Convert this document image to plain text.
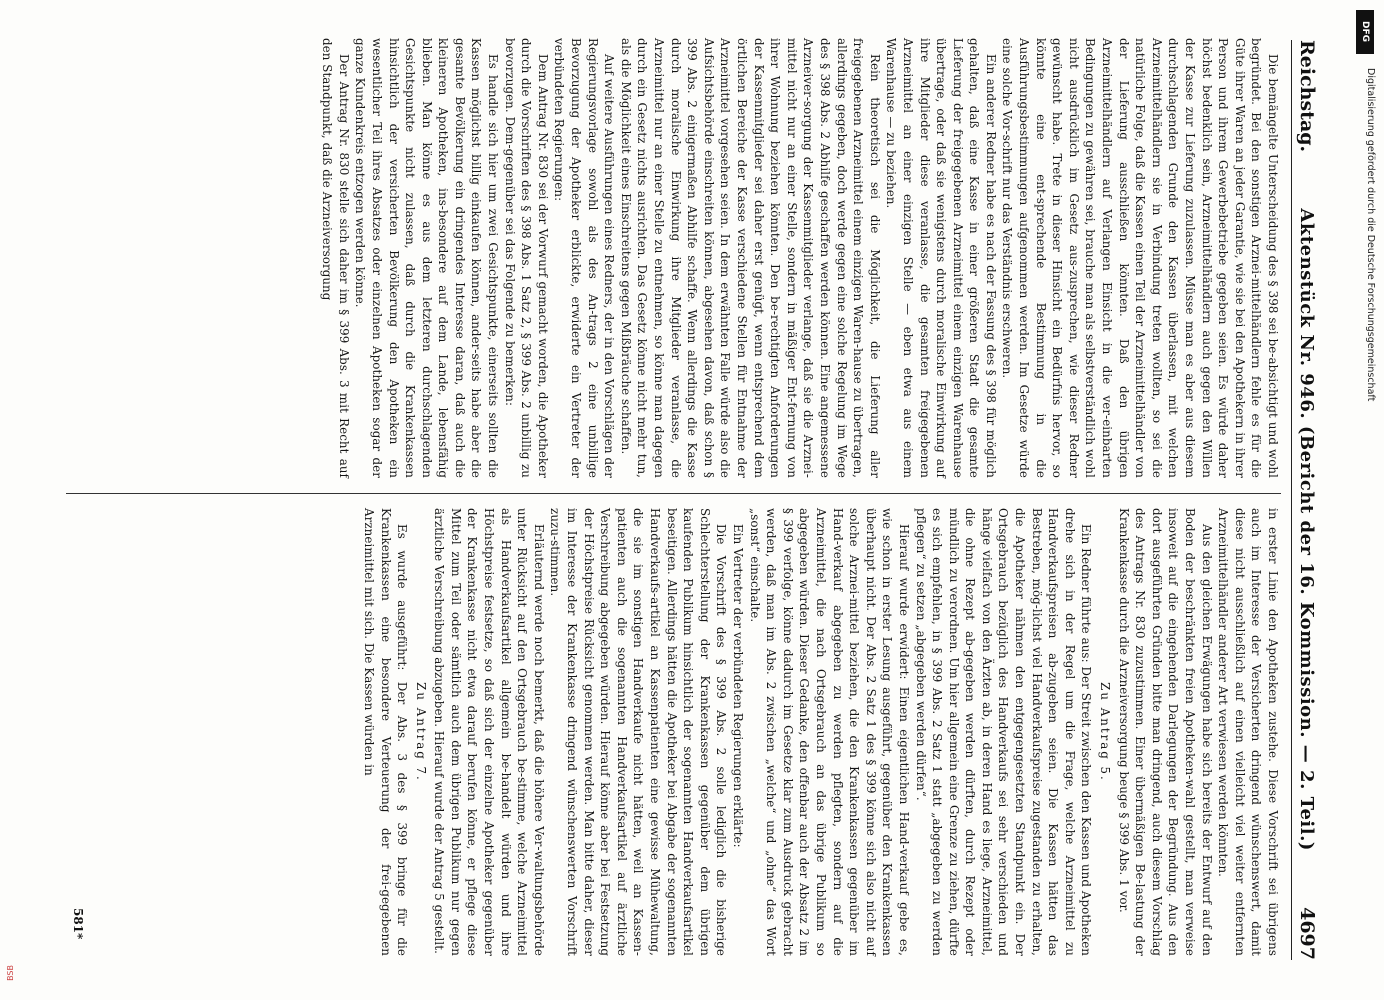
Reichstag.
Aktenstück Nr. 946. (Bericht der 16. Kommission. — 2. Teil.)
4697

Die bemängelte Unterscheidung des § 398 sei be-absichtigt und wohl begründet. Bei den sonstigen Arznei-mittelhändlern fehle es für die Güte ihrer Waren an jeder Garantie, wie sie bei den Apothekern in ihrer Person und ihrem Gewerbebetriebe gegeben seien. Es würde daher höchst bedenklich sein, Arzneimittelhändlern auch gegen den Willen der Kasse zur Lieferung zuzulassen. Müsse man es aber aus diesem durchschlagenden Grunde den Kassen überlassen, mit welchen Arzneimittelhändlern sie in Verbindung treten wollten, so sei die natürliche Folge, daß die Kassen einen Teil der Arzneimittelhändler von der Lieferung ausschließen könnten. Daß den übrigen Arzneimittelhändlern auf Verlangen Einsicht in die ver-einbarten Bedingungen zu gewähren sei, brauche man als selbstverständlich wohl nicht ausdrücklich im Gesetz aus-zusprechen, wie dieser Redner gewünscht habe. Trete in dieser Hinsicht ein Bedürfnis hervor, so könnte eine ent-sprechende Bestimmung in die Ausführungsbestimmungen aufgenommen werden. Im Gesetze würde eine solche Vor-schrift nur das Verständnis erschweren.

Ein anderer Redner habe es nach der Fassung des § 398 für möglich gehalten, daß eine Kasse in einer größeren Stadt die gesamte Lieferung der freigegebenen Arzneimittel einem einzigen Warenhause übertrage, oder daß sie wenigstens durch moralische Einwirkung auf ihre Mitglieder diese veranlasse, die gesamten freigegebenen Arzneimittel an einer einzigen Stelle — eben etwa aus einem Warenhause — zu beziehen.

Rein theoretisch sei die Möglichkeit, die Lieferung aller freigegebenen Arzneimittel einem einzigen Waren-hause zu übertragen, allerdings gegeben, doch werde gegen eine solche Regelung im Wege des § 398 Abs. 2 Abhilfe geschaffen werden können. Eine angemessene Arzneiver-sorgung der Kassenmitglieder verlange, daß sie die Arznei-mittel nicht nur an einer Stelle, sondern in mäßiger Ent-fernung von ihrer Wohnung beziehen könnten. Den be-rechtigten Anforderungen der Kassenmitglieder sei daher erst genügt, wenn entsprechend dem örtlichen Bereiche der Kasse verschiedene Stellen für Entnahme der Arzneimittel vorgesehen seien. In dem erwähnten Falle würde also die Aufsichtsbehörde einschreiten können, abgesehen davon, daß schon § 399 Abs. 2 einigermaßen Abhilfe schaffe. Wenn allerdings die Kasse durch moralische Einwirkung ihre Mitglieder veranlasse, die Arzneimittel nur an einer Stelle zu entnehmen, so könne man dagegen durch ein Gesetz nichts ausrichten. Das Gesetz könne nicht mehr tun, als die Möglichkeit eines Einschreitens gegen Mißbräuche schaffen.

Auf weitere Ausführungen eines Redners, der in den Vorschlägen der Regierungsvorlage sowohl als des An-trags 2 eine unbillige Bevorzugung der Apotheker erblickte, erwiderte ein Vertreter der verbündeten Regierungen:

Dem Antrag Nr. 830 sei der Vorwurf gemacht worden, die Apotheker durch die Vorschriften des § 398 Abs. 1 Satz 2, § 399 Abs. 2 unbillig zu bevorzugen. Dem-gegenüber sei das Folgende zu bemerken:

Es handle sich hier um zwei Gesichtspunkte, einerseits sollten die Kassen möglichst billig einkaufen können, ander-seits habe aber die gesamte Bevölkerung ein dringendes Interesse daran, daß auch die kleineren Apotheken, ins-besondere auf dem Lande, lebensfähig blieben. Man könne es aus dem letzteren durchschlagenden Gesichtspunkte nicht zulassen, daß durch die Krankenkassen hinsichtlich der versicherten Bevölkerung den Apotheken ein wesentlicher Teil ihres Absatzes oder einzelnen Apotheken sogar der ganze Kundenkreis entzogen werden könne.

Der Antrag Nr. 830 stelle sich daher im § 399 Abs. 3 mit Recht auf den Standpunkt, daß die Arzneiversorgung

in erster Linie den Apotheken zustehe. Diese Vorschrift sei übrigens auch im Interesse der Versicherten dringend wünschenswert, damit diese nicht ausschließlich auf einen vielleicht viel weiter entfernten Arzneimittelhändler anderer Art verwiesen werden könnten.

Aus den gleichen Erwägungen habe sich bereits der Entwurf auf den Boden der beschränkten freien Apotheken-wahl gestellt, man verweise insoweit auf die eingehenden Darlegungen der Begründung. Aus den dort ausgeführten Gründen bitte man dringend, auch diesem Vorschlag des Antrags Nr. 830 zuzustimmen. Einer übermäßigen Be-lastung der Krankenkasse durch die Arzneiversorgung beuge § 399 Abs. 1 vor.

Zu Antrag 5.

Ein Redner führte aus: Der Streit zwischen den Kassen und Apotheken drehe sich in der Regel um die Frage, welche Arzneimittel zu Handverkaufspreisen ab-zugeben seien. Die Kassen hätten das Bestreben, mög-lichst viel Handverkaufspreise zugestanden zu erhalten, die Apotheker nähmen den entgegengesetzten Standpunkt ein. Der Ortsgebrauch bezüglich des Handverkaufs sei sehr verschieden und hänge vielfach von den Ärzten ab, in deren Hand es liege, Arzneimittel, die ohne Rezept ab-gegeben werden dürften, durch Rezept oder mündlich zu verordnen. Um hier allgemein eine Grenze zu ziehen, dürfte es sich empfehlen, in § 399 Abs. 2 Satz 1 statt „abgegeben zu werden pflegen“ zu setzen „abgegeben werden dürfen“.

Hierauf wurde erwidert: Einen eigentlichen Hand-verkauf gebe es, wie schon in erster Lesung ausgeführt, gegenüber den Krankenkassen überhaupt nicht. Der Abs. 2 Satz 1 des § 399 könne sich also nicht auf solche Arznei-mittel beziehen, die den Krankenkassen gegenüber im Hand-verkauf abgegeben zu werden pflegten, sondern auf die Arzneimittel, die nach Ortsgebrauch an das übrige Publikum so abgegeben würden. Dieser Gedanke, den offenbar auch der Absatz 2 im § 399 verfolge, könne dadurch im Gesetze klar zum Ausdruck gebracht werden, daß man im Abs. 2 zwischen „welche“ und „ohne“ das Wort „sonst“ einschalte.

Ein Vertreter der verbündeten Regierungen erklärte:

Die Vorschrift des § 399 Abs. 2 solle lediglich die bisherige Schlechterstellung der Krankenkassen gegenüber dem übrigen kaufenden Publikum hinsichtlich der sogenannten Handverkaufsartikel beseitigen. Allerdings hätten die Apotheker bei Abgabe der sogenannten Handverkaufs-artikel an Kassenpatienten eine gewisse Mühewaltung, die sie im sonstigen Handverkaufe nicht hätten, weil an Kassen-patienten auch die sogenannten Handverkaufsartikel auf ärztliche Verschreibung abgegeben würden. Hierauf könne aber bei Festsetzung der Höchstpreise Rücksicht genommen werden. Man bitte daher, dieser im Interesse der Krankenkasse dringend wünschenswerten Vorschrift zuzu-stimmen.

Erläuternd werde noch bemerkt, daß die höhere Ver-waltungsbehörde unter Rücksicht auf den Ortsgebrauch be-stimme, welche Arzneimittel als Handverkaufsartikel allgemein be-handelt würden und ihre Höchstpreise festsetze, so daß sich der einzelne Apotheker gegenüber der Krankenkasse nicht etwa darauf berufen könne, er pflege diese Mittel zum Teil oder sämtlich auch dem übrigen Publikum nur gegen ärztliche Verschreibung abzugeben. Hierauf wurde der Antrag 5 gestellt.

Zu Antrag 7.

Es wurde ausgeführt: Der Abs. 3 des § 399 bringe für die Krankenkassen eine besondere Verteuerung der frei-gegebenen Arzneimittel mit sich. Die Kassen würden in

581*
DFG
Digitalisierung gefördert durch die Deutsche Forschungsgemeinschaft
BSB
